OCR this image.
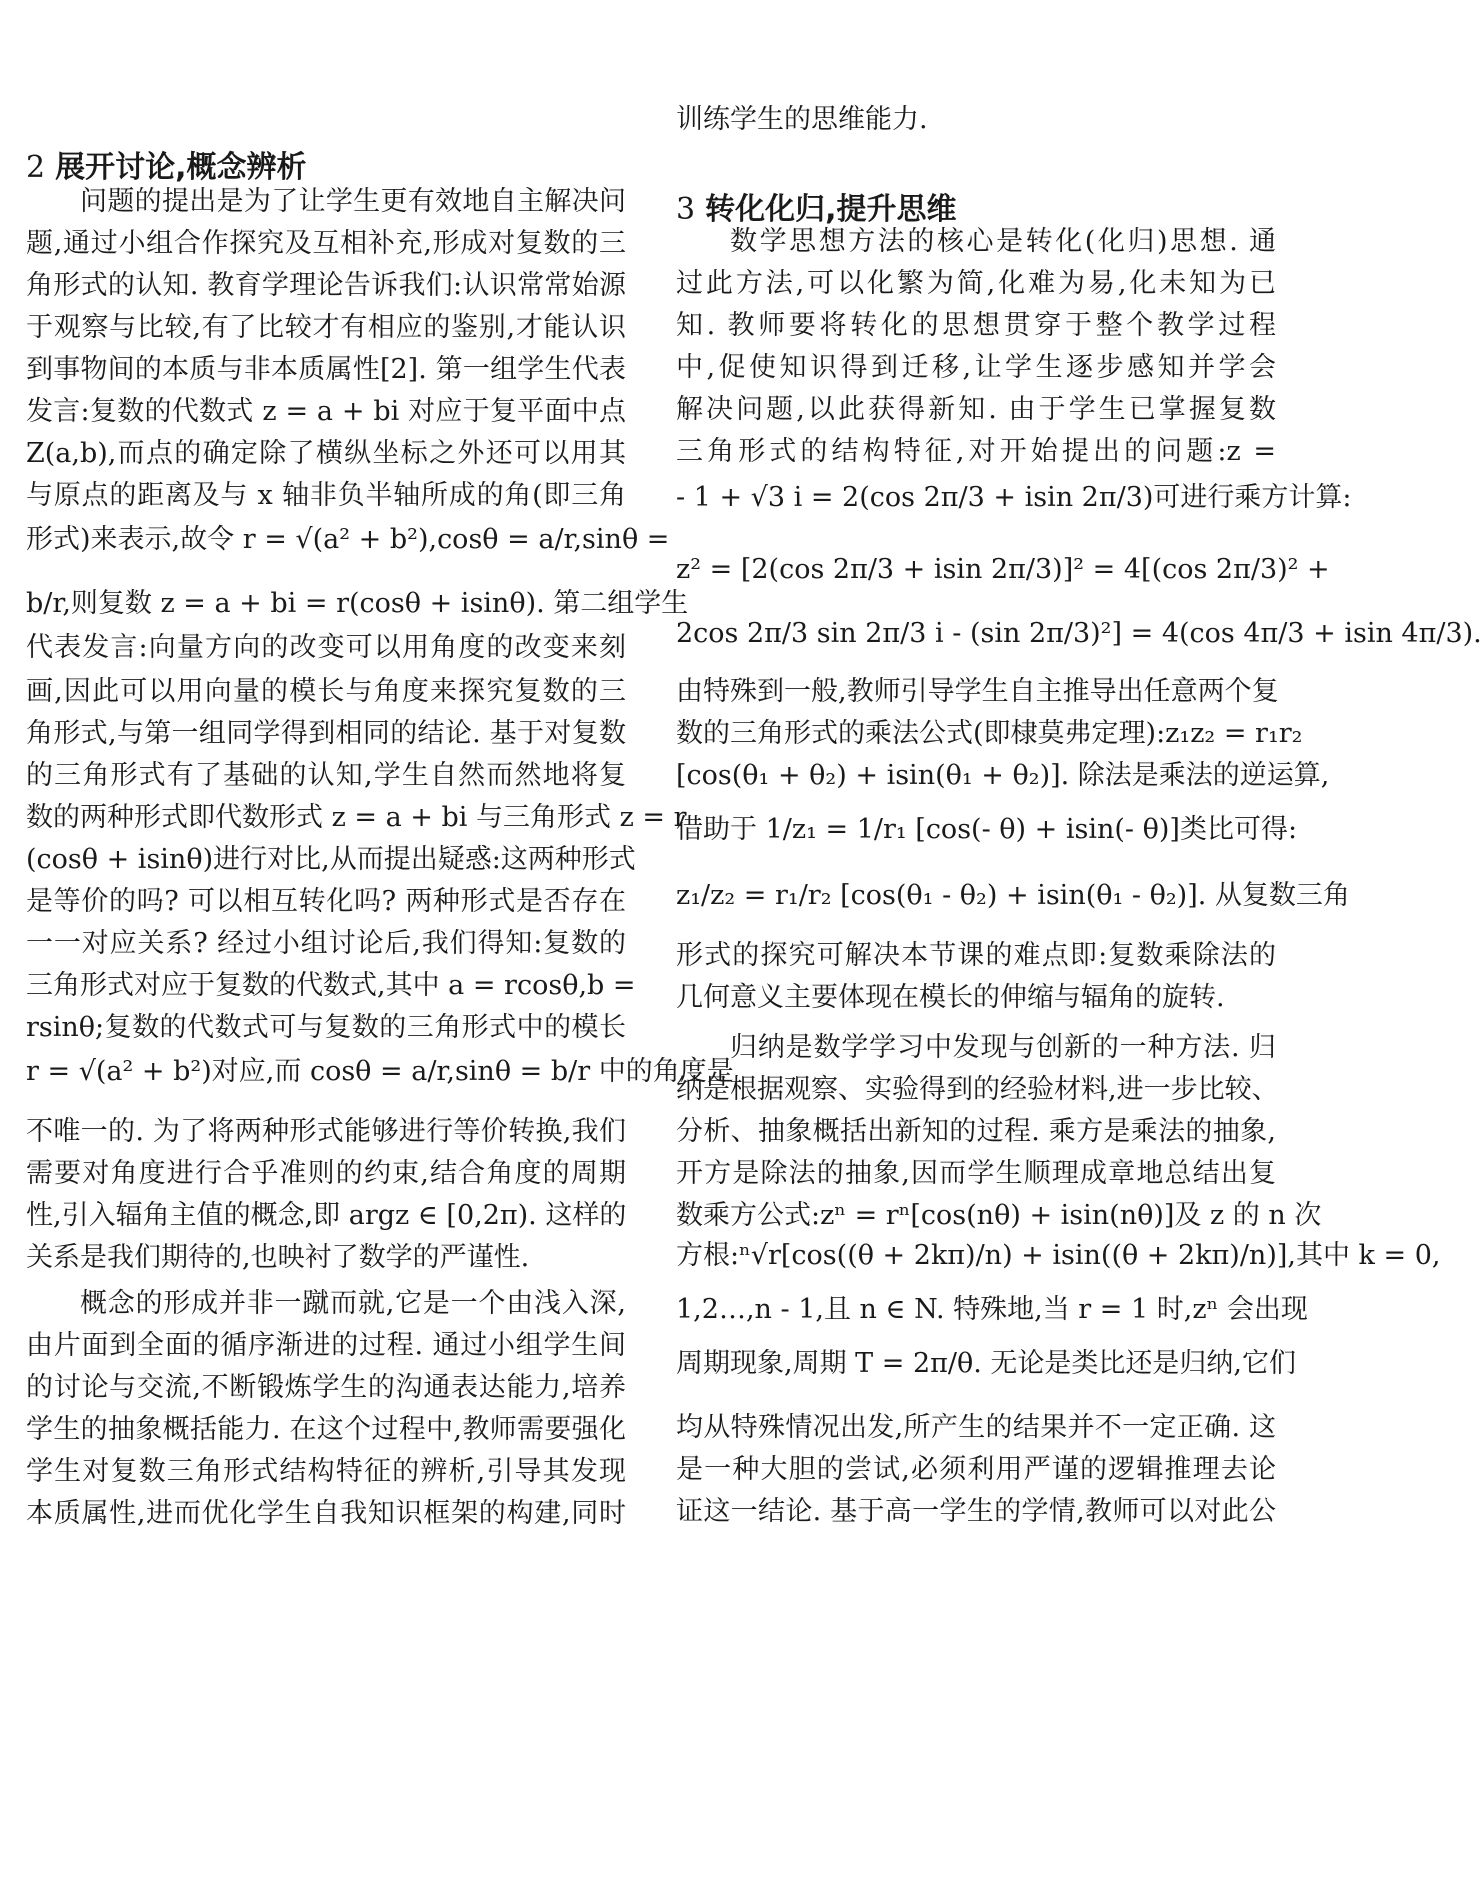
2 展开讨论,概念辨析
问题的提出是为了让学生更有效地自主解决问
题,通过小组合作探究及互相补充,形成对复数的三
角形式的认知. 教育学理论告诉我们:认识常常始源
于观察与比较,有了比较才有相应的鉴别,才能认识
到事物间的本质与非本质属性[2]. 第一组学生代表
发言:复数的代数式 z = a + bi 对应于复平面中点
Z(a,b),而点的确定除了横纵坐标之外还可以用其
与原点的距离及与 x 轴非负半轴所成的角(即三角
形式)来表示,故令 r = √(a² + b²),cosθ = a/r,sinθ =
b/r,则复数 z = a + bi = r(cosθ + isinθ). 第二组学生
代表发言:向量方向的改变可以用角度的改变来刻
画,因此可以用向量的模长与角度来探究复数的三
角形式,与第一组同学得到相同的结论. 基于对复数
的三角形式有了基础的认知,学生自然而然地将复
数的两种形式即代数形式 z = a + bi 与三角形式 z = r
(cosθ + isinθ)进行对比,从而提出疑惑:这两种形式
是等价的吗? 可以相互转化吗? 两种形式是否存在
一一对应关系? 经过小组讨论后,我们得知:复数的
三角形式对应于复数的代数式,其中 a = rcosθ,b =
rsinθ;复数的代数式可与复数的三角形式中的模长
r = √(a² + b²)对应,而 cosθ = a/r,sinθ = b/r 中的角度是
不唯一的. 为了将两种形式能够进行等价转换,我们
需要对角度进行合乎准则的约束,结合角度的周期
性,引入辐角主值的概念,即 argz ∈ [0,2π). 这样的
关系是我们期待的,也映衬了数学的严谨性.
概念的形成并非一蹴而就,它是一个由浅入深,
由片面到全面的循序渐进的过程. 通过小组学生间
的讨论与交流,不断锻炼学生的沟通表达能力,培养
学生的抽象概括能力. 在这个过程中,教师需要强化
学生对复数三角形式结构特征的辨析,引导其发现
本质属性,进而优化学生自我知识框架的构建,同时
3 转化化归,提升思维
训练学生的思维能力.
数学思想方法的核心是转化(化归)思想. 通
过此方法,可以化繁为简,化难为易,化未知为已
知. 教师要将转化的思想贯穿于整个教学过程
中,促使知识得到迁移,让学生逐步感知并学会
解决问题,以此获得新知. 由于学生已掌握复数
三角形式的结构特征,对开始提出的问题:z =
- 1 + √3 i = 2(cos 2π/3 + isin 2π/3)可进行乘方计算:
z² = [2(cos 2π/3 + isin 2π/3)]² = 4[(cos 2π/3)² +
2cos 2π/3 sin 2π/3 i - (sin 2π/3)²] = 4(cos 4π/3 + isin 4π/3).
由特殊到一般,教师引导学生自主推导出任意两个复
数的三角形式的乘法公式(即棣莫弗定理):z₁z₂ = r₁r₂
[cos(θ₁ + θ₂) + isin(θ₁ + θ₂)]. 除法是乘法的逆运算,
借助于 1/z₁ = 1/r₁ [cos(- θ) + isin(- θ)]类比可得:
z₁/z₂ = r₁/r₂ [cos(θ₁ - θ₂) + isin(θ₁ - θ₂)]. 从复数三角
形式的探究可解决本节课的难点即:复数乘除法的
几何意义主要体现在模长的伸缩与辐角的旋转.
归纳是数学学习中发现与创新的一种方法. 归
纳是根据观察、实验得到的经验材料,进一步比较、
分析、抽象概括出新知的过程. 乘方是乘法的抽象,
开方是除法的抽象,因而学生顺理成章地总结出复
数乘方公式:zⁿ = rⁿ[cos(nθ) + isin(nθ)]及 z 的 n 次
方根:ⁿ√r[cos((θ + 2kπ)/n) + isin((θ + 2kπ)/n)],其中 k = 0,
1,2…,n - 1,且 n ∈ N. 特殊地,当 r = 1 时,zⁿ 会出现
周期现象,周期 T = 2π/θ. 无论是类比还是归纳,它们
均从特殊情况出发,所产生的结果并不一定正确. 这
是一种大胆的尝试,必须利用严谨的逻辑推理去论
证这一结论. 基于高一学生的学情,教师可以对此公
